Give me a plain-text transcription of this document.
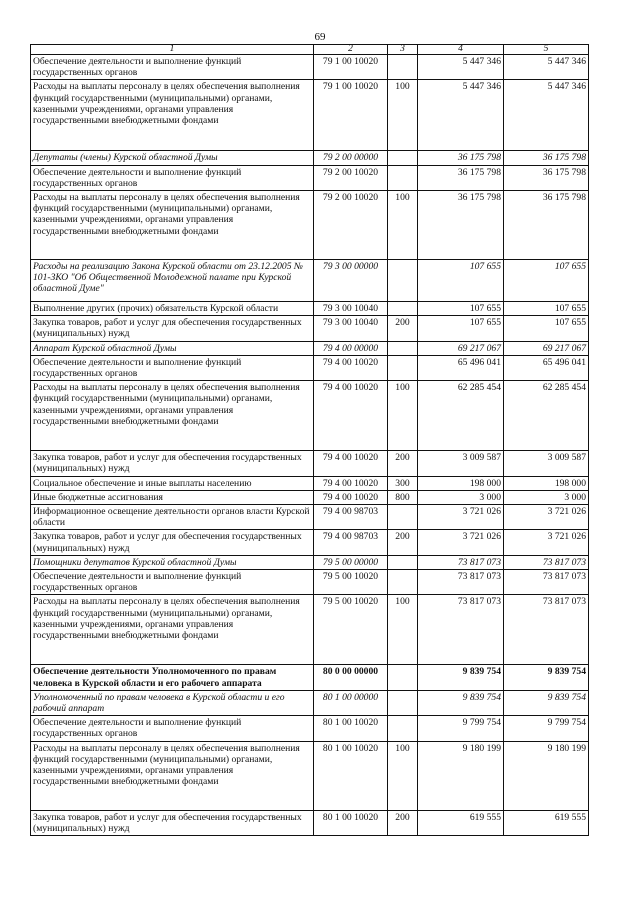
69
1	2	3	4	5
Обеспечение деятельности и выполнение функций государственных органов	79 1 00 10020		5 447 346	5 447 346
Расходы на выплаты персоналу в целях обеспечения выполнения функций государственными (муниципальными) органами, казенными учреждениями, органами управления государственными внебюджетными фондами	79 1 00 10020	100	5 447 346	5 447 346
Депутаты (члены) Курской областной Думы	79 2 00 00000		36 175 798	36 175 798
Обеспечение деятельности и выполнение функций государственных органов	79 2 00 10020		36 175 798	36 175 798
Расходы на выплаты персоналу в целях обеспечения выполнения функций государственными (муниципальными) органами, казенными учреждениями, органами управления государственными внебюджетными фондами	79 2 00 10020	100	36 175 798	36 175 798
Расходы на реализацию Закона Курской области от 23.12.2005 № 101-ЗКО "Об Общественной Молодежной палате при Курской областной Думе"	79 3 00 00000		107 655	107 655
Выполнение других (прочих) обязательств Курской области	79 3 00 10040		107 655	107 655
Закупка товаров, работ и услуг для обеспечения государственных (муниципальных) нужд	79 3 00 10040	200	107 655	107 655
Аппарат Курской областной Думы	79 4 00 00000		69 217 067	69 217 067
Обеспечение деятельности и выполнение функций государственных органов	79 4 00 10020		65 496 041	65 496 041
Расходы на выплаты персоналу в целях обеспечения выполнения функций государственными (муниципальными) органами, казенными учреждениями, органами управления государственными внебюджетными фондами	79 4 00 10020	100	62 285 454	62 285 454
Закупка товаров, работ и услуг для обеспечения государственных (муниципальных) нужд	79 4 00 10020	200	3 009 587	3 009 587
Социальное обеспечение и иные выплаты населению	79 4 00 10020	300	198 000	198 000
Иные бюджетные ассигнования	79 4 00 10020	800	3 000	3 000
Информационное освещение деятельности органов власти Курской области	79 4 00 98703		3 721 026	3 721 026
Закупка товаров, работ и услуг для обеспечения государственных (муниципальных) нужд	79 4 00 98703	200	3 721 026	3 721 026
Помощники депутатов Курской областной Думы	79 5 00 00000		73 817 073	73 817 073
Обеспечение деятельности и выполнение функций государственных органов	79 5 00 10020		73 817 073	73 817 073
Расходы на выплаты персоналу в целях обеспечения выполнения функций государственными (муниципальными) органами, казенными учреждениями, органами управления государственными внебюджетными фондами	79 5 00 10020	100	73 817 073	73 817 073
Обеспечение деятельности Уполномоченного по правам человека в Курской области и его рабочего аппарата	80 0 00 00000		9 839 754	9 839 754
Уполномоченный по правам человека в Курской области и его рабочий аппарат	80 1 00 00000		9 839 754	9 839 754
Обеспечение деятельности и выполнение функций государственных органов	80 1 00 10020		9 799 754	9 799 754
Расходы на выплаты персоналу в целях обеспечения выполнения функций государственными (муниципальными) органами, казенными учреждениями, органами управления государственными внебюджетными фондами	80 1 00 10020	100	9 180 199	9 180 199
Закупка товаров, работ и услуг для обеспечения государственных (муниципальных) нужд	80 1 00 10020	200	619 555	619 555
